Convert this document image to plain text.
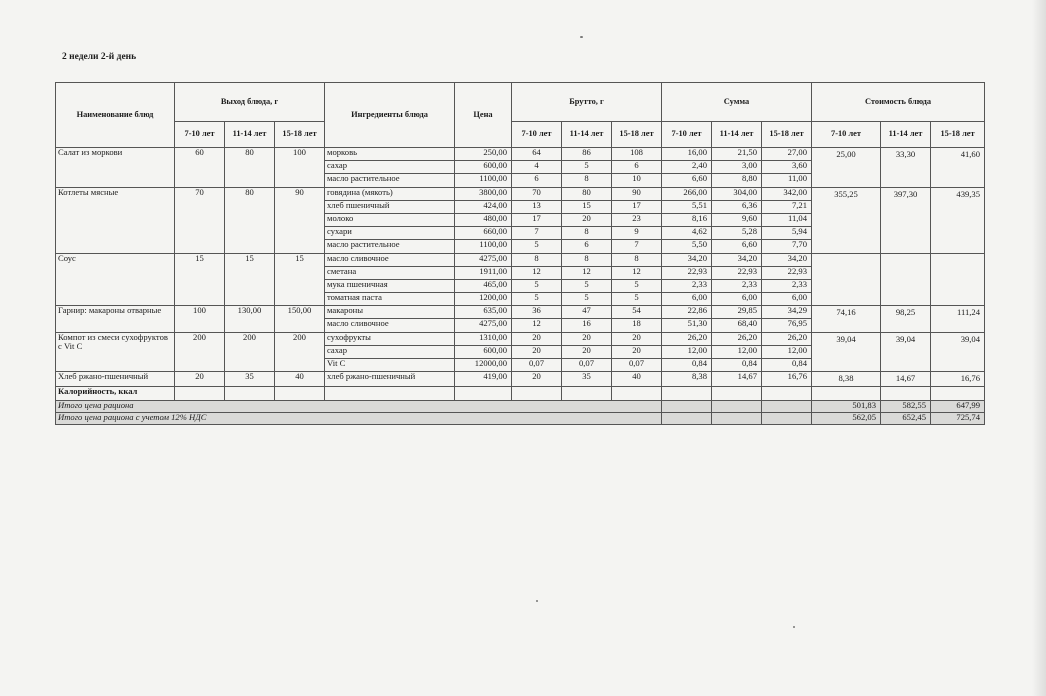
2 недели 2-й день
Наименование блюд	Выход блюда, г			Ингредиенты блюда	Цена	Брутто, г			Сумма			Стоимость блюда		
	7-10 лет	11-14 лет	15-18 лет			7-10 лет	11-14 лет	15-18 лет	7-10 лет	11-14 лет	15-18 лет	7-10 лет	11-14 лет	15-18 лет
Салат из моркови	60	80	100	морковь	250,00	64	86	108	16,00	21,50	27,00	25,00	33,30	41,60
				сахар	600,00	4	5	6	2,40	3,00	3,60			
				масло растительное	1100,00	6	8	10	6,60	8,80	11,00			
Котлеты мясные	70	80	90	говядина (мякоть)	3800,00	70	80	90	266,00	304,00	342,00	355,25	397,30	439,35
				хлеб пшеничный	424,00	13	15	17	5,51	6,36	7,21			
				молоко	480,00	17	20	23	8,16	9,60	11,04			
				сухари	660,00	7	8	9	4,62	5,28	5,94			
				масло растительное	1100,00	5	6	7	5,50	6,60	7,70			
Соус	15	15	15	масло сливочное	4275,00	8	8	8	34,20	34,20	34,20			
				сметана	1911,00	12	12	12	22,93	22,93	22,93			
				мука пшеничная	465,00	5	5	5	2,33	2,33	2,33			
				томатная паста	1200,00	5	5	5	6,00	6,00	6,00			
Гарнир: макароны отварные	100	130,00	150,00	макароны	635,00	36	47	54	22,86	29,85	34,29	74,16	98,25	111,24
				масло сливочное	4275,00	12	16	18	51,30	68,40	76,95			
Компот из смеси сухофруктов с Vit C	200	200	200	сухофрукты	1310,00	20	20	20	26,20	26,20	26,20	39,04	39,04	39,04
				сахар	600,00	20	20	20	12,00	12,00	12,00			
				Vit C	12000,00	0,07	0,07	0,07	0,84	0,84	0,84			
Хлеб ржано-пшеничный	20	35	40	хлеб ржано-пшеничный	419,00	20	35	40	8,38	14,67	16,76	8,38	14,67	16,76
Калорийность, ккал														
Итого цена рациона												501,83	582,55	647,99
Итого цена рациона с учетом 12% НДС												562,05	652,45	725,74
